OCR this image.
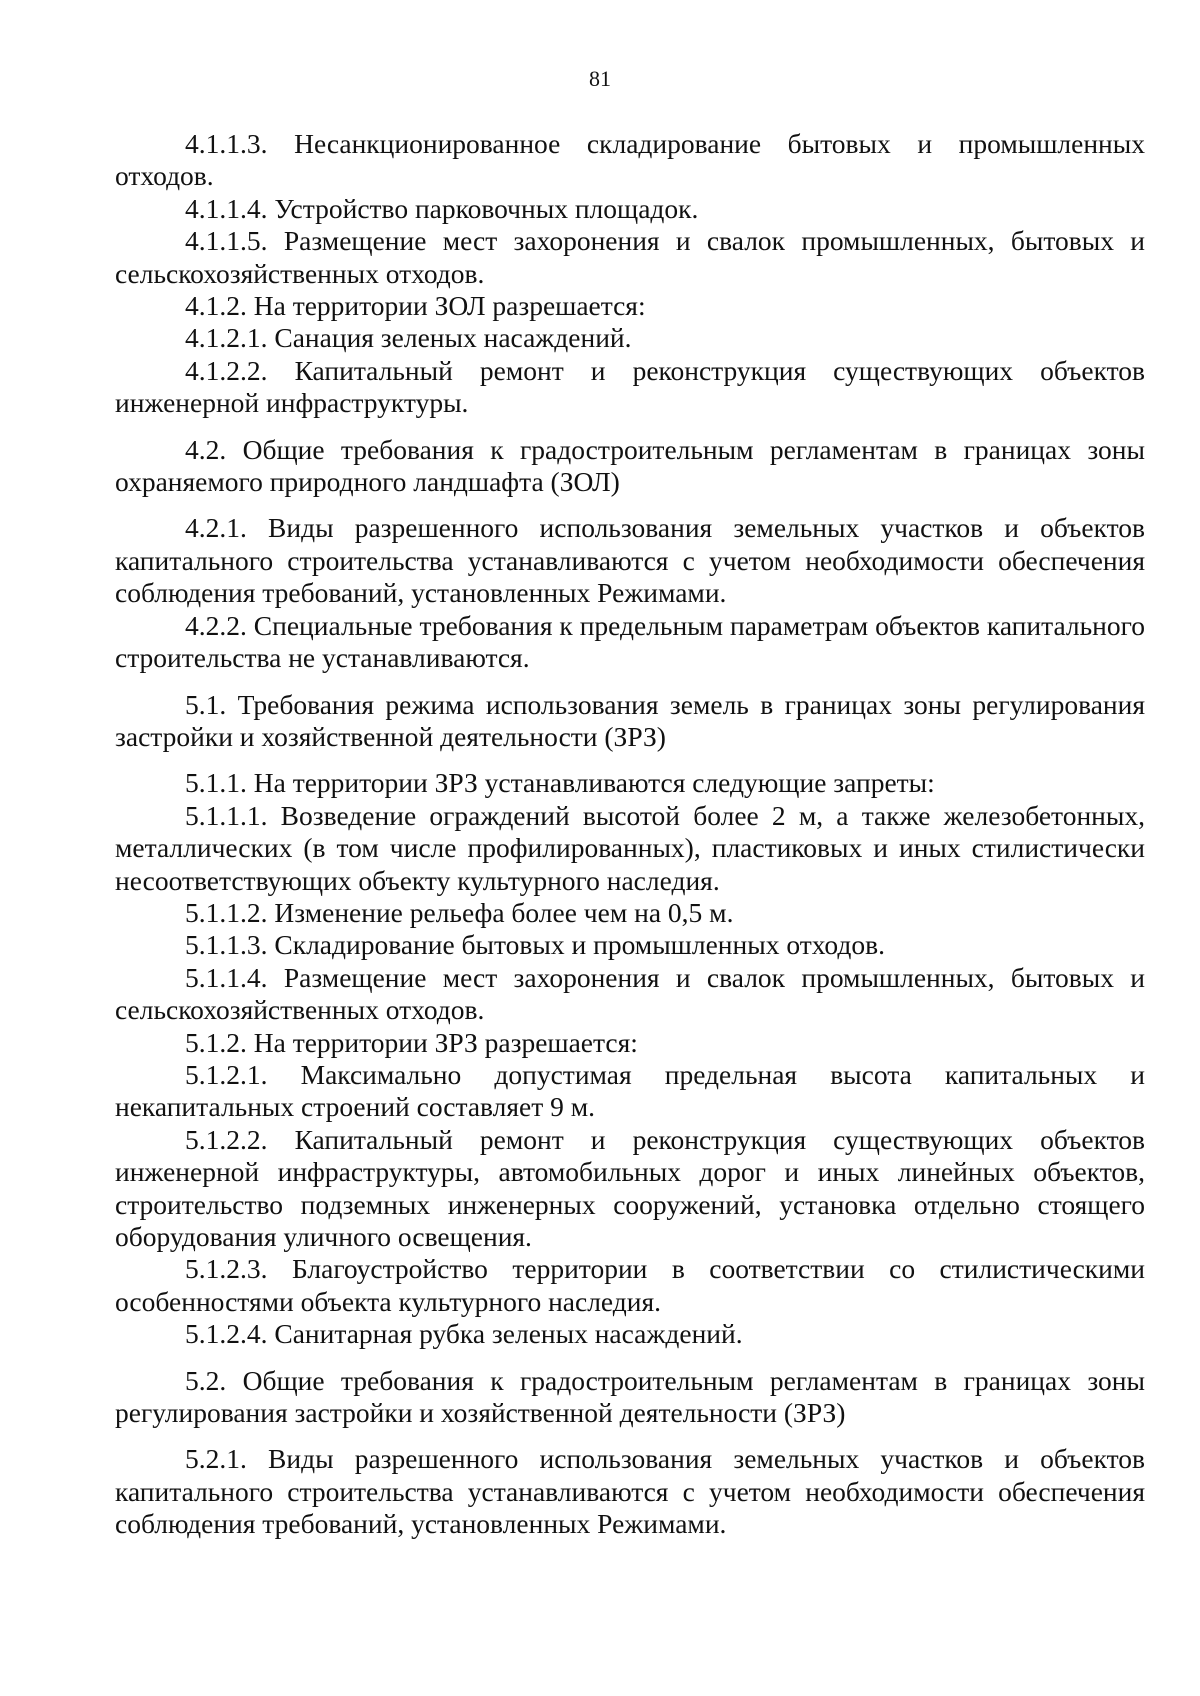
81

4.1.1.3. Несанкционированное складирование бытовых и промышленных отходов.

4.1.1.4. Устройство парковочных площадок.

4.1.1.5. Размещение мест захоронения и свалок промышленных, бытовых и сельскохозяйственных отходов.

4.1.2. На территории ЗОЛ разрешается:

4.1.2.1. Санация зеленых насаждений.

4.1.2.2. Капитальный ремонт и реконструкция существующих объектов инженерной инфраструктуры.

4.2. Общие требования к градостроительным регламентам в границах зоны охраняемого природного ландшафта (ЗОЛ)

4.2.1. Виды разрешенного использования земельных участков и объектов капитального строительства устанавливаются с учетом необходимости обеспечения соблюдения требований, установленных Режимами.

4.2.2. Специальные требования к предельным параметрам объектов капитального строительства не устанавливаются.

5.1. Требования режима использования земель в границах зоны регулирования застройки и хозяйственной деятельности (ЗРЗ)

5.1.1. На территории ЗРЗ устанавливаются следующие запреты:

5.1.1.1. Возведение ограждений высотой более 2 м, а также железобетонных, металлических (в том числе профилированных), пластиковых и иных стилистически несоответствующих объекту культурного наследия.

5.1.1.2. Изменение рельефа более чем на 0,5 м.

5.1.1.3. Складирование бытовых и промышленных отходов.

5.1.1.4. Размещение мест захоронения и свалок промышленных, бытовых и сельскохозяйственных отходов.

5.1.2. На территории ЗРЗ разрешается:

5.1.2.1. Максимально допустимая предельная высота капитальных и некапитальных строений составляет 9 м.

5.1.2.2. Капитальный ремонт и реконструкция существующих объектов инженерной инфраструктуры, автомобильных дорог и иных линейных объектов, строительство подземных инженерных сооружений, установка отдельно стоящего оборудования уличного освещения.

5.1.2.3. Благоустройство территории в соответствии со стилистическими особенностями объекта культурного наследия.

5.1.2.4. Санитарная рубка зеленых насаждений.

5.2. Общие требования к градостроительным регламентам в границах зоны регулирования застройки и хозяйственной деятельности (ЗРЗ)

5.2.1. Виды разрешенного использования земельных участков и объектов капитального строительства устанавливаются с учетом необходимости обеспечения соблюдения требований, установленных Режимами.
